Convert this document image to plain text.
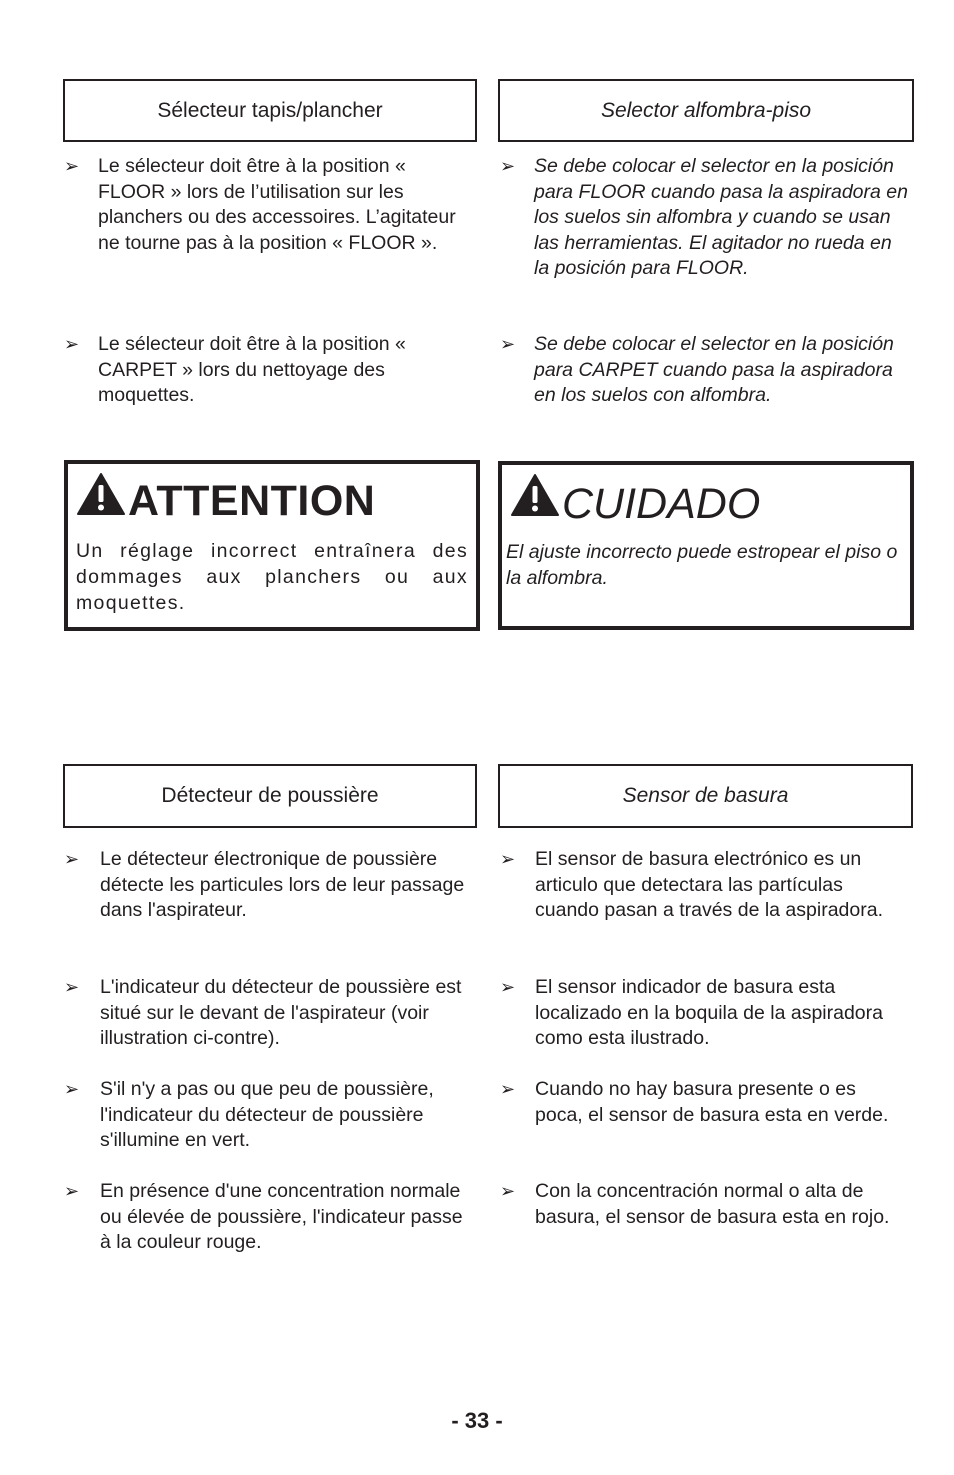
Sélecteur tapis/plancher	Selector alfombra-piso
➢ Le sélecteur doit être à la position « FLOOR » lors de l’utilisation sur les planchers ou des accessoires. L’agitateur ne tourne pas à la position « FLOOR ».
➢ Le sélecteur doit être à la position « CARPET » lors du nettoyage des moquettes.
➢ Se debe colocar el selector en la posición para FLOOR cuando pasa la aspiradora en los suelos sin alfombra y cuando se usan las herramientas. El agitador no rueda en la posición para FLOOR.
➢ Se debe colocar el selector en la posición para CARPET cuando pasa la aspiradora en los suelos con alfombra.
ATTENTION
Un réglage incorrect entraînera des dommages aux planchers ou aux moquettes.
CUIDADO
El ajuste incorrecto puede estropear el piso o la alfombra.
Détecteur de poussière	Sensor de basura
➢	Le détecteur électronique de poussière détecte les particules lors de leur passage dans l'aspirateur.
➢	L'indicateur du détecteur de poussière est situé sur le devant de l'aspirateur (voir illustration ci-contre).
➢	S'il n'y a pas ou que peu de poussière, l'indicateur du détecteur de poussière s'illumine en vert.
➢	En présence d'une concentration normale ou élevée de poussière, l'indicateur passe à la couleur rouge.
➢	El sensor de basura electrónico es un articulo que detectara las partículas cuando pasan a través de la aspiradora.
➢	El sensor indicador de basura esta localizado en la boquila de la aspiradora como esta ilustrado.
➢	Cuando no hay basura presente o es poca, el sensor de basura esta en verde.
➢	Con la concentración normal o alta de basura, el sensor de basura esta en rojo.
- 33 -
